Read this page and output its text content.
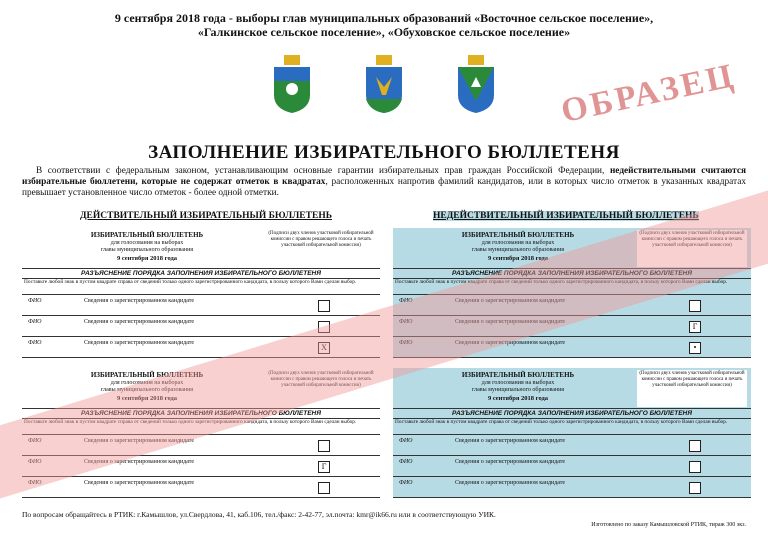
9 сентября 2018 года - выборы глав муниципальных образований «Восточное сельское поселение»,
«Галкинское сельское поселение», «Обуховское сельское поселение»
ЗАПОЛНЕНИЕ ИЗБИРАТЕЛЬНОГО БЮЛЛЕТЕНЯ
В соответствии с федеральным законом, устанавливающим основные гарантии избирательных прав граждан Российской Федерации, недействительными считаются избирательные бюллетени, которые не содержат отметок в квадратах, расположенных напротив фамилий кандидатов, или в которых число отметок в указанных квадратах превышает установленное число отметок - более одной отметки.
ДЕЙСТВИТЕЛЬНЫЙ ИЗБИРАТЕЛЬНЫЙ БЮЛЛЕТЕНЬ	НЕДЕЙСТВИТЕЛЬНЫЙ ИЗБИРАТЕЛЬНЫЙ БЮЛЛЕТЕНЬ
ИЗБИРАТЕЛЬНЫЙ БЮЛЛЕТЕНЬ
для голосования на выборах
главы муниципального образования
9 сентября 2018 года
(Подписи двух членов участковой избирательной комиссии с правом решающего голоса и печать участковой избирательной комиссии)
РАЗЪЯСНЕНИЕ ПОРЯДКА ЗАПОЛНЕНИЯ ИЗБИРАТЕЛЬНОГО БЮЛЛЕТЕНЯ
Поставьте любой знак в пустом квадрате справа от сведений только одного зарегистрированного кандидата, в пользу которого Вами сделан выбор.
ФИО	Сведения о зарегистрированном кандидате
ФИО	Сведения о зарегистрированном кандидате
ФИО	Сведения о зарегистрированном кандидате	X
ИЗБИРАТЕЛЬНЫЙ БЮЛЛЕТЕНЬ
для голосования на выборах
главы муниципального образования
9 сентября 2018 года
(Подписи двух членов участковой избирательной комиссии с правом решающего голоса и печать участковой избирательной комиссии)
РАЗЪЯСНЕНИЕ ПОРЯДКА ЗАПОЛНЕНИЯ ИЗБИРАТЕЛЬНОГО БЮЛЛЕТЕНЯ
Поставьте любой знак в пустом квадрате справа от сведений только одного зарегистрированного кандидата, в пользу которого Вами сделан выбор.
ФИО	Сведения о зарегистрированном кандидате
ФИО	Сведения о зарегистрированном кандидате	Г
ФИО	Сведения о зарегистрированном кандидате
ИЗБИРАТЕЛЬНЫЙ БЮЛЛЕТЕНЬ
для голосования на выборах
главы муниципального образования
9 сентября 2018 года
(Подписи двух членов участковой избирательной комиссии с правом решающего голоса и печать участковой избирательной комиссии)
РАЗЪЯСНЕНИЕ ПОРЯДКА ЗАПОЛНЕНИЯ ИЗБИРАТЕЛЬНОГО БЮЛЛЕТЕНЯ
Поставьте любой знак в пустом квадрате справа от сведений только одного зарегистрированного кандидата, в пользу которого Вами сделан выбор.
ФИО	Сведения о зарегистрированном кандидате
ФИО	Сведения о зарегистрированном кандидате	Г
ФИО	Сведения о зарегистрированном кандидате	•
ИЗБИРАТЕЛЬНЫЙ БЮЛЛЕТЕНЬ
для голосования на выборах
главы муниципального образования
9 сентября 2018 года
(Подписи двух членов участковой избирательной комиссии с правом решающего голоса и печать участковой избирательной комиссии)
РАЗЪЯСНЕНИЕ ПОРЯДКА ЗАПОЛНЕНИЯ ИЗБИРАТЕЛЬНОГО БЮЛЛЕТЕНЯ
Поставьте любой знак в пустом квадрате справа от сведений только одного зарегистрированного кандидата, в пользу которого Вами сделан выбор.
ФИО	Сведения о зарегистрированном кандидате
ФИО	Сведения о зарегистрированном кандидате
ФИО	Сведения о зарегистрированном кандидате
ОБРАЗЕЦ
По вопросам обращайтесь в РТИК: г.Камышлов, ул.Свердлова, 41, каб.106, тел./факс: 2-42-77, эл.почта: kmr@ik66.ru или в соответствующую УИК.
Изготовлено по заказу Камышловской РТИК, тираж 300 экз.
